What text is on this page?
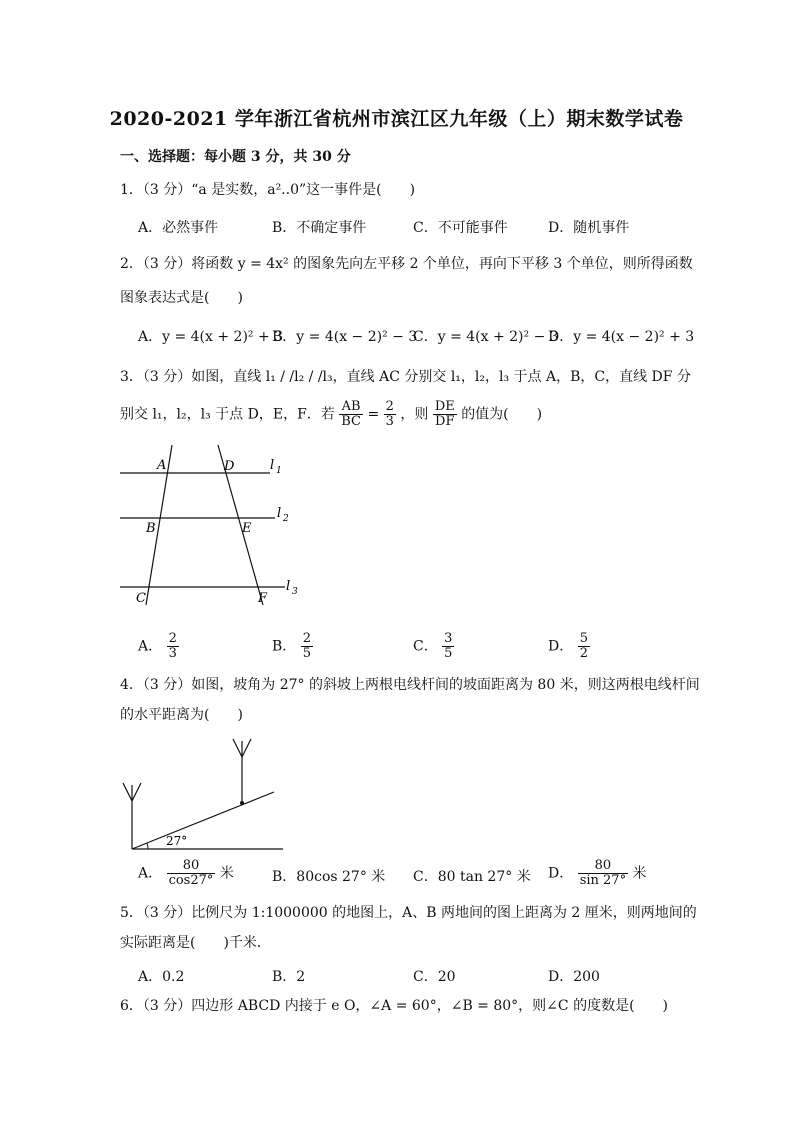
2020-2021 学年浙江省杭州市滨江区九年级（上）期末数学试卷
一、选择题：每小题 3 分，共 30 分
1．（3 分）“a 是实数，a²..0”这一事件是(　　)
A．必然事件	B．不确定事件	C．不可能事件	D．随机事件
2．（3 分）将函数 y = 4x² 的图象先向左平移 2 个单位，再向下平移 3 个单位，则所得函数
图象表达式是(　　)
A．y = 4(x + 2)² + 3
B．y = 4(x − 2)² − 3
C．y = 4(x + 2)² − 3
D．y = 4(x − 2)² + 3
3．（3 分）如图，直线 l₁ / /l₂ / /l₃，直线 AC 分别交 l₁，l₂，l₃ 于点 A，B，C，直线 DF 分
别交 l₁，l₂，l₃ 于点 D，E，F．若 $\frac{AB}{BC} = \frac{2}{3}$ ，则 $\frac{DE}{DF}$ 的值为(　　)
A	D
B	E
C	F
l 1
l 2
l 3
A． $\frac{2}{3}$	B． $\frac{2}{5}$	C． $\frac{3}{5}$	D． $\frac{5}{2}$
4．（3 分）如图，坡角为 27° 的斜坡上两根电线杆间的坡面距离为 80 米，则这两根电线杆间
的水平距离为(　　)
27°
A． $\frac{80}{\cos 27^\circ}$ 米	B．80cos 27° 米 C．80 tan 27° 米 D． $\frac{80}{\sin 27^\circ}$ 米
5．（3 分）比例尺为 1:1000000 的地图上，A、B 两地间的图上距离为 2 厘米，则两地间的
实际距离是(　　)千米．
A．0.2	B．2	C．20	D．200
6．（3 分）四边形 ABCD 内接于 e O，∠A = 60°，∠B = 80°，则∠C 的度数是(　　)
